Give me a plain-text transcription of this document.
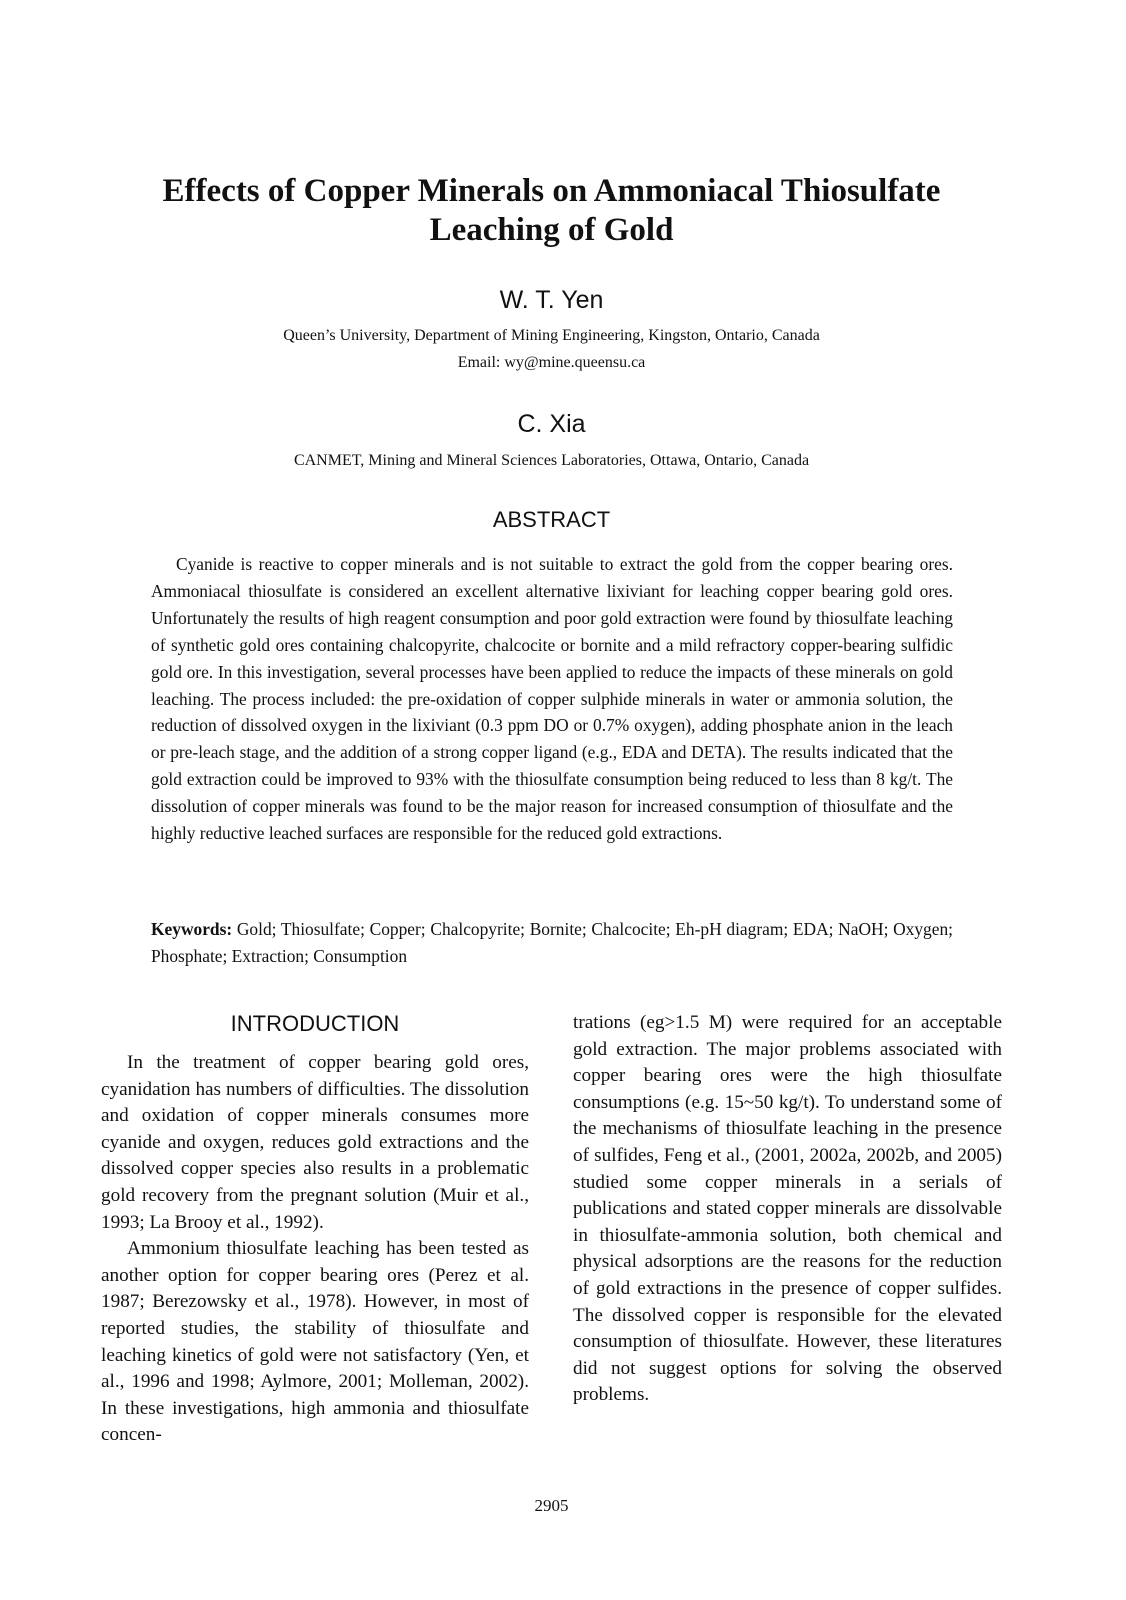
Effects of Copper Minerals on Ammoniacal Thiosulfate
Leaching of Gold

W. T. Yen

Queen’s University, Department of Mining Engineering, Kingston, Ontario, Canada

Email: wy@mine.queensu.ca

C. Xia

CANMET, Mining and Mineral Sciences Laboratories, Ottawa, Ontario, Canada

ABSTRACT

Cyanide is reactive to copper minerals and is not suitable to extract the gold from the copper bearing ores. Ammoniacal thiosulfate is considered an excellent alternative lixiviant for leaching copper bearing gold ores. Unfortunately the results of high reagent consumption and poor gold extraction were found by thiosulfate leaching of synthetic gold ores containing chalcopyrite, chalcocite or bornite and a mild refractory copper-bearing sulfidic gold ore. In this investigation, several processes have been applied to reduce the impacts of these minerals on gold leaching. The process included: the pre-oxidation of copper sulphide minerals in water or ammonia solution, the reduction of dissolved oxygen in the lixiviant (0.3 ppm DO or 0.7% oxygen), adding phosphate anion in the leach or pre-leach stage, and the addition of a strong copper ligand (e.g., EDA and DETA). The results indicated that the gold extraction could be improved to 93% with the thiosulfate consumption being reduced to less than 8 kg/t. The dissolution of copper minerals was found to be the major reason for increased consumption of thiosulfate and the highly reductive leached surfaces are responsible for the reduced gold extractions.

Keywords: Gold; Thiosulfate; Copper; Chalcopyrite; Bornite; Chalcocite; Eh-pH diagram; EDA; NaOH; Oxygen; Phosphate; Extraction; Consumption

INTRODUCTION

In the treatment of copper bearing gold ores, cyanidation has numbers of difficulties. The dissolution and oxidation of copper minerals consumes more cyanide and oxygen, reduces gold extractions and the dissolved copper species also results in a problematic gold recovery from the pregnant solution (Muir et al., 1993; La Brooy et al., 1992).

Ammonium thiosulfate leaching has been tested as another option for copper bearing ores (Perez et al. 1987; Berezowsky et al., 1978). However, in most of reported studies, the stability of thiosulfate and leaching kinetics of gold were not satisfactory (Yen, et al., 1996 and 1998; Aylmore, 2001; Molleman, 2002). In these investigations, high ammonia and thiosulfate concen-

trations (eg>1.5 M) were required for an acceptable gold extraction. The major problems associated with copper bearing ores were the high thiosulfate consumptions (e.g. 15~50 kg/t). To understand some of the mechanisms of thiosulfate leaching in the presence of sulfides, Feng et al., (2001, 2002a, 2002b, and 2005) studied some copper minerals in a serials of publications and stated copper minerals are dissolvable in thiosulfate-ammonia solution, both chemical and physical adsorptions are the reasons for the reduction of gold extractions in the presence of copper sulfides. The dissolved copper is responsible for the elevated consumption of thiosulfate. However, these literatures did not suggest options for solving the observed problems.

2905
